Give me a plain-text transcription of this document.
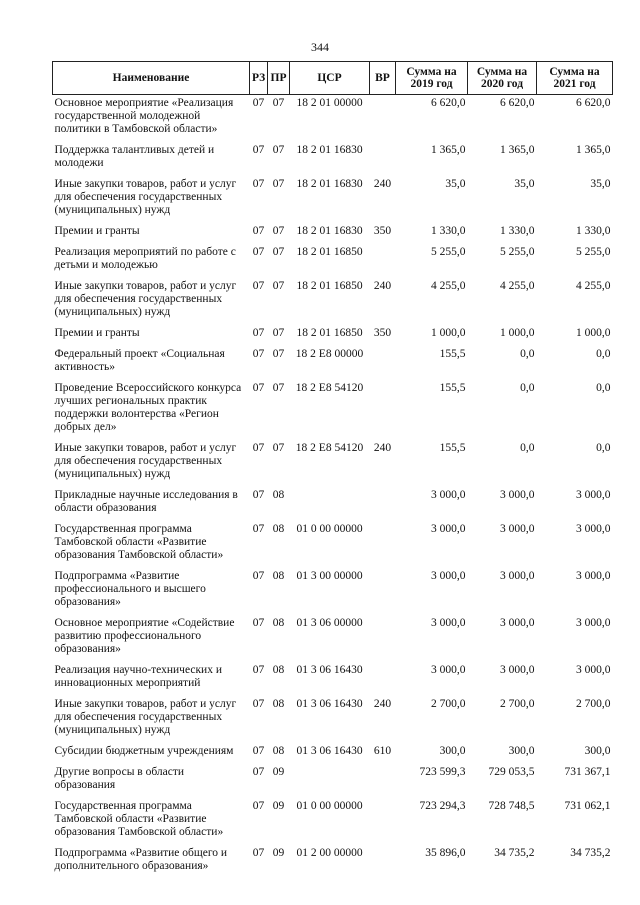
344
Наименование	РЗ	ПР	ЦСР	ВР	Сумма на 2019 год	Сумма на 2020 год	Сумма на 2021 год
Основное мероприятие «Реализация государственной молодежной политики в Тамбовской области»	07	07	18 2 01 00000		6 620,0	6 620,0	6 620,0
Поддержка талантливых детей и молодежи	07	07	18 2 01 16830		1 365,0	1 365,0	1 365,0
Иные закупки товаров, работ и услуг для обеспечения государственных (муниципальных) нужд	07	07	18 2 01 16830	240	35,0	35,0	35,0
Премии и гранты	07	07	18 2 01 16830	350	1 330,0	1 330,0	1 330,0
Реализация мероприятий по работе с детьми и молодежью	07	07	18 2 01 16850		5 255,0	5 255,0	5 255,0
Иные закупки товаров, работ и услуг для обеспечения государственных (муниципальных) нужд	07	07	18 2 01 16850	240	4 255,0	4 255,0	4 255,0
Премии и гранты	07	07	18 2 01 16850	350	1 000,0	1 000,0	1 000,0
Федеральный проект «Социальная активность»	07	07	18 2 E8 00000		155,5	0,0	0,0
Проведение Всероссийского конкурса лучших региональных практик поддержки волонтерства «Регион добрых дел»	07	07	18 2 E8 54120		155,5	0,0	0,0
Иные закупки товаров, работ и услуг для обеспечения государственных (муниципальных) нужд	07	07	18 2 E8 54120	240	155,5	0,0	0,0
Прикладные научные исследования в области образования	07	08			3 000,0	3 000,0	3 000,0
Государственная программа Тамбовской области «Развитие образования Тамбовской области»	07	08	01 0 00 00000		3 000,0	3 000,0	3 000,0
Подпрограмма «Развитие профессионального и высшего образования»	07	08	01 3 00 00000		3 000,0	3 000,0	3 000,0
Основное мероприятие «Содействие развитию профессионального образования»	07	08	01 3 06 00000		3 000,0	3 000,0	3 000,0
Реализация научно-технических и инновационных мероприятий	07	08	01 3 06 16430		3 000,0	3 000,0	3 000,0
Иные закупки товаров, работ и услуг для обеспечения государственных (муниципальных) нужд	07	08	01 3 06 16430	240	2 700,0	2 700,0	2 700,0
Субсидии бюджетным учреждениям	07	08	01 3 06 16430	610	300,0	300,0	300,0
Другие вопросы в области образования	07	09			723 599,3	729 053,5	731 367,1
Государственная программа Тамбовской области «Развитие образования Тамбовской области»	07	09	01 0 00 00000		723 294,3	728 748,5	731 062,1
Подпрограмма «Развитие общего и дополнительного образования»	07	09	01 2 00 00000		35 896,0	34 735,2	34 735,2
